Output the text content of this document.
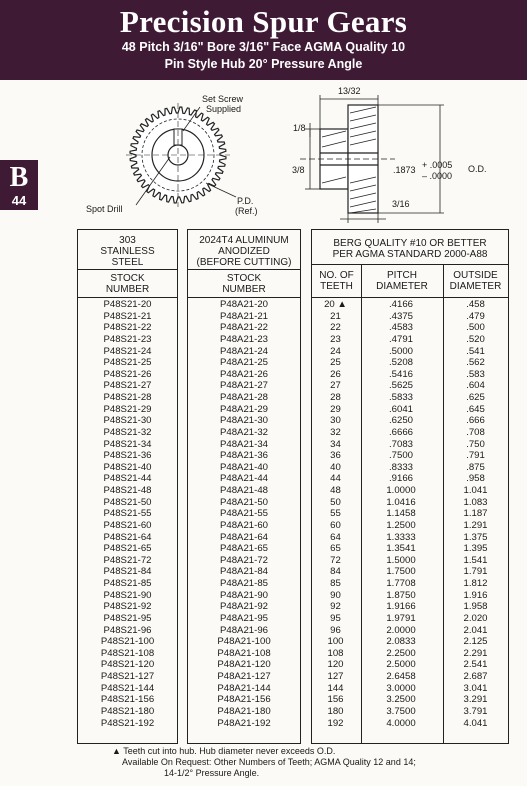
Precision Spur Gears
48 Pitch 3/16" Bore 3/16" Face AGMA Quality 10
Pin Style Hub 20° Pressure Angle
B
44
Set Screw
Supplied
Spot Drill
P.D.
(Ref.)
13/32
1/8
3/8	.1873 + .0005
– .0000
O.D.
3/16
303
STAINLESS
STEEL
STOCK
NUMBER
2024T4 ALUMINUM
ANODIZED
(BEFORE CUTTING)
STOCK
NUMBER
BERG QUALITY #10 OR BETTER
PER AGMA STANDARD 2000-A88
NO. OF
TEETH
PITCH
DIAMETER
OUTSIDE
DIAMETER
P48S21-20	P48A21-20	20 ▲	.4166	.458
P48S21-21	P48A21-21	21	.4375	.479
P48S21-22	P48A21-22	22	.4583	.500
P48S21-23	P48A21-23	23	.4791	.520
P48S21-24	P48A21-24	24	.5000	.541
P48S21-25	P48A21-25	25	.5208	.562
P48S21-26	P48A21-26	26	.5416	.583
P48S21-27	P48A21-27	27	.5625	.604
P48S21-28	P48A21-28	28	.5833	.625
P48S21-29	P48A21-29	29	.6041	.645
P48S21-30	P48A21-30	30	.6250	.666
P48S21-32	P48A21-32	32	.6666	.708
P48S21-34	P48A21-34	34	.7083	.750
P48S21-36	P48A21-36	36	.7500	.791
P48S21-40	P48A21-40	40	.8333	.875
P48S21-44	P48A21-44	44	.9166	.958
P48S21-48	P48A21-48	48	1.0000	1.041
P48S21-50	P48A21-50	50	1.0416	1.083
P48S21-55	P48A21-55	55	1.1458	1.187
P48S21-60	P48A21-60	60	1.2500	1.291
P48S21-64	P48A21-64	64	1.3333	1.375
P48S21-65	P48A21-65	65	1.3541	1.395
P48S21-72	P48A21-72	72	1.5000	1.541
P48S21-84	P48A21-84	84	1.7500	1.791
P48S21-85	P48A21-85	85	1.7708	1.812
P48S21-90	P48A21-90	90	1.8750	1.916
P48S21-92	P48A21-92	92	1.9166	1.958
P48S21-95	P48A21-95	95	1.9791	2.020
P48S21-96	P48A21-96	96	2.0000	2.041
P48S21-100	P48A21-100	100	2.0833	2.125
P48S21-108	P48A21-108	108	2.2500	2.291
P48S21-120	P48A21-120	120	2.5000	2.541
P48S21-127	P48A21-127	127	2.6458	2.687
P48S21-144	P48A21-144	144	3.0000	3.041
P48S21-156	P48A21-156	156	3.2500	3.291
P48S21-180	P48A21-180	180	3.7500	3.791
P48S21-192	P48A21-192	192	4.0000	4.041
▲ Teeth cut into hub. Hub diameter never exceeds O.D.
Available On Request: Other Numbers of Teeth; AGMA Quality 12 and 14;
14-1/2° Pressure Angle.
